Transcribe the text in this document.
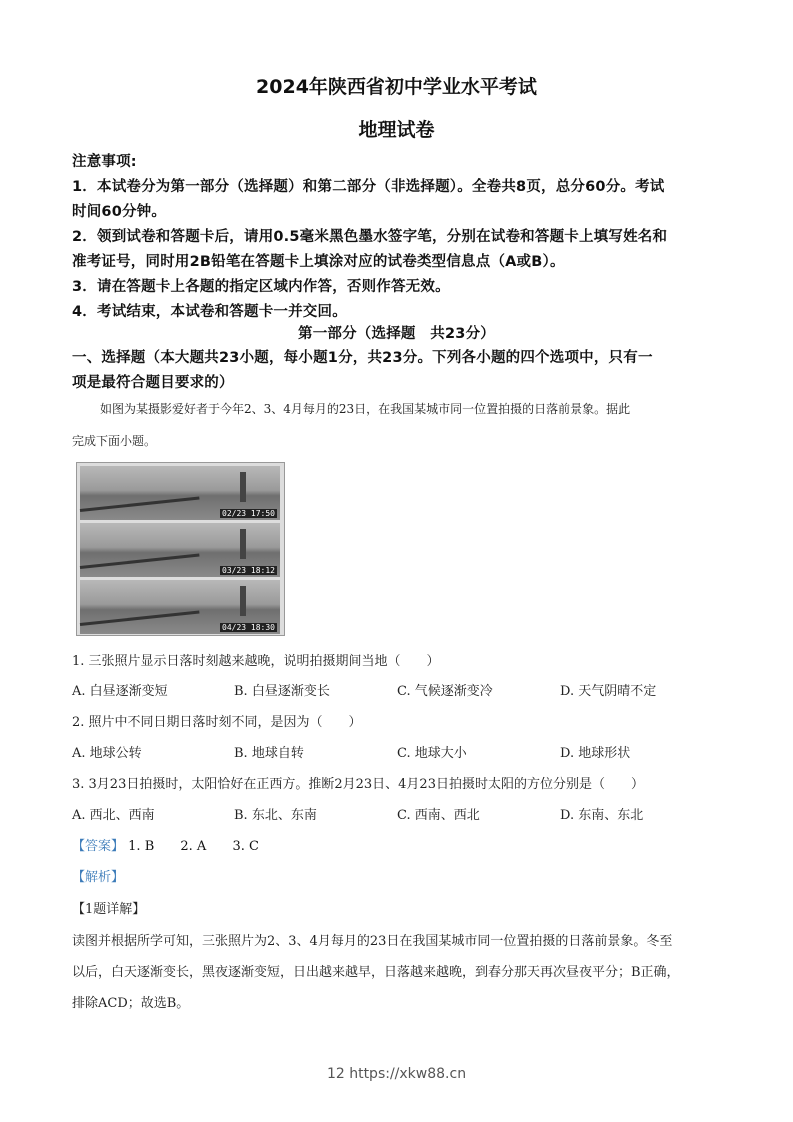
2024年陕西省初中学业水平考试
地理试卷
注意事项:
1．本试卷分为第一部分（选择题）和第二部分（非选择题）。全卷共8页，总分60分。考试
时间60分钟。
2．领到试卷和答题卡后，请用0.5毫米黑色墨水签字笔，分别在试卷和答题卡上填写姓名和
准考证号，同时用2B铅笔在答题卡上填涂对应的试卷类型信息点（A或B）。
3．请在答题卡上各题的指定区域内作答，否则作答无效。
4．考试结束，本试卷和答题卡一并交回。
第一部分（选择题　共23分）
一、选择题（本大题共23小题，每小题1分，共23分。下列各小题的四个选项中，只有一
项是最符合题目要求的）
如图为某摄影爱好者于今年2、3、4月每月的23日，在我国某城市同一位置拍摄的日落前景象。据此
完成下面小题。
02/23 17:50
03/23 18:12
04/23 18:30
1. 三张照片显示日落时刻越来越晚，说明拍摄期间当地（　　）
A. 白昼逐渐变短	B. 白昼逐渐变长	C. 气候逐渐变冷	D. 天气阴晴不定
2. 照片中不同日期日落时刻不同，是因为（　　）
A. 地球公转	B. 地球自转	C. 地球大小	D. 地球形状
3. 3月23日拍摄时，太阳恰好在正西方。推断2月23日、4月23日拍摄时太阳的方位分别是（　　）
A. 西北、西南	B. 东北、东南	C. 西南、西北	D. 东南、东北
【答案】 1. B 2. A 3. C
【解析】
【1题详解】
读图并根据所学可知，三张照片为2、3、4月每月的23日在我国某城市同一位置拍摄的日落前景象。冬至
以后，白天逐渐变长，黑夜逐渐变短，日出越来越早，日落越来越晚，到春分那天再次昼夜平分；B正确，
排除ACD；故选B。
12 https://xkw88.cn
